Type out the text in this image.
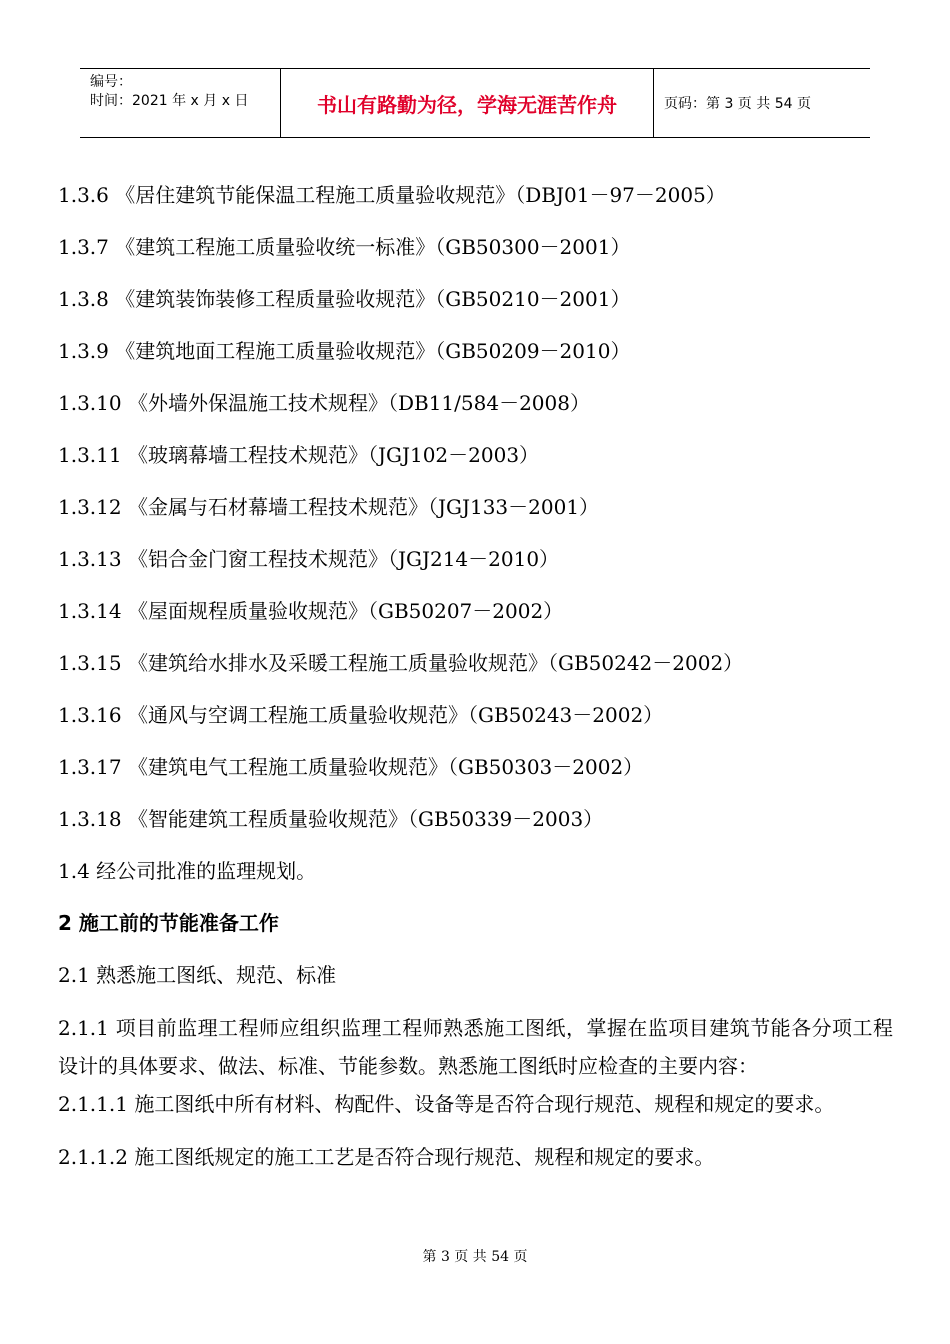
编号：
时间：2021 年 x 月 x 日	书山有路勤为径，学海无涯苦作舟	页码：第 3 页 共 54 页
1.3.6 《居住建筑节能保温工程施工质量验收规范》（DBJ01－97－2005）
1.3.7 《建筑工程施工质量验收统一标准》（GB50300－2001）
1.3.8 《建筑装饰装修工程质量验收规范》（GB50210－2001）
1.3.9 《建筑地面工程施工质量验收规范》（GB50209－2010）
1.3.10 《外墙外保温施工技术规程》（DB11/584－2008）
1.3.11 《玻璃幕墙工程技术规范》（JGJ102－2003）
1.3.12 《金属与石材幕墙工程技术规范》（JGJ133－2001）
1.3.13 《铝合金门窗工程技术规范》（JGJ214－2010）
1.3.14 《屋面规程质量验收规范》（GB50207－2002）
1.3.15 《建筑给水排水及采暖工程施工质量验收规范》（GB50242－2002）
1.3.16 《通风与空调工程施工质量验收规范》（GB50243－2002）
1.3.17 《建筑电气工程施工质量验收规范》（GB50303－2002）
1.3.18 《智能建筑工程质量验收规范》（GB50339－2003）
1.4 经公司批准的监理规划。
2 施工前的节能准备工作
2.1 熟悉施工图纸、规范、标准
2.1.1 项目前监理工程师应组织监理工程师熟悉施工图纸，掌握在监项目建筑节能各分项工程设计的具体要求、做法、标准、节能参数。熟悉施工图纸时应检查的主要内容：
2.1.1.1 施工图纸中所有材料、构配件、设备等是否符合现行规范、规程和规定的要求。
2.1.1.2 施工图纸规定的施工工艺是否符合现行规范、规程和规定的要求。
第 3 页 共 54 页
